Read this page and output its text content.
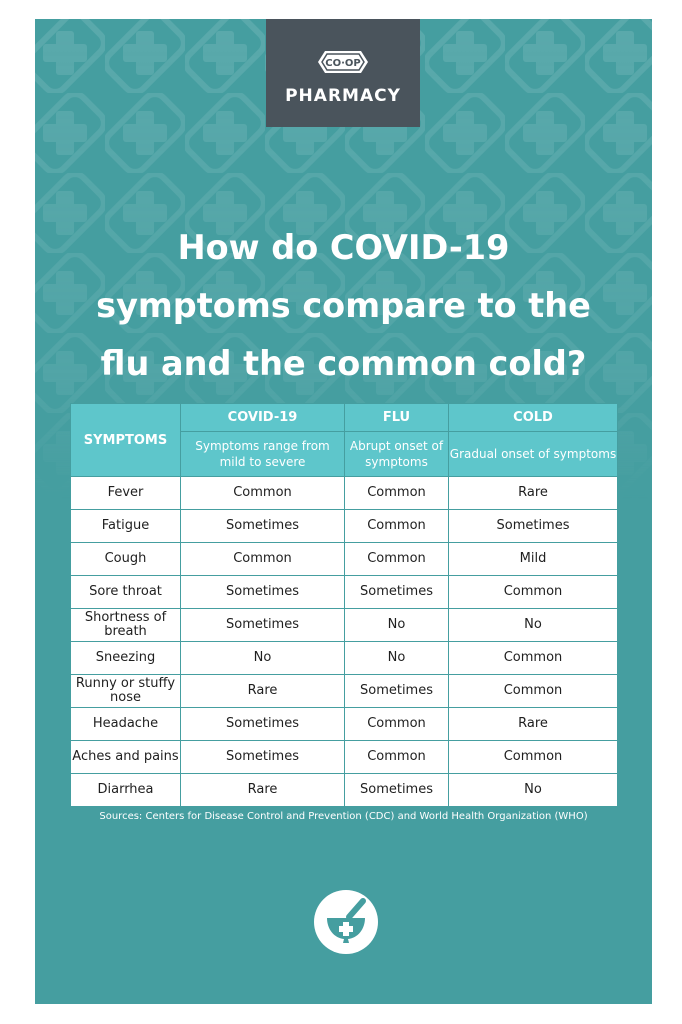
CO·OP
PHARMACY
How do COVID-19
symptoms compare to the
flu and the common cold?
SYMPTOMS	COVID-19	FLU	COLD
	Symptoms range from mild to severe	Abrupt onset of symptoms	Gradual onset of symptoms
Fever	Common	Common	Rare
Fatigue	Sometimes	Common	Sometimes
Cough	Common	Common	Mild
Sore throat	Sometimes	Sometimes	Common
Shortness of breath	Sometimes	No	No
Sneezing	No	No	Common
Runny or stuffy nose	Rare	Sometimes	Common
Headache	Sometimes	Common	Rare
Aches and pains	Sometimes	Common	Common
Diarrhea	Rare	Sometimes	No
Sources: Centers for Disease Control and Prevention (CDC) and World Health Organization (WHO)
